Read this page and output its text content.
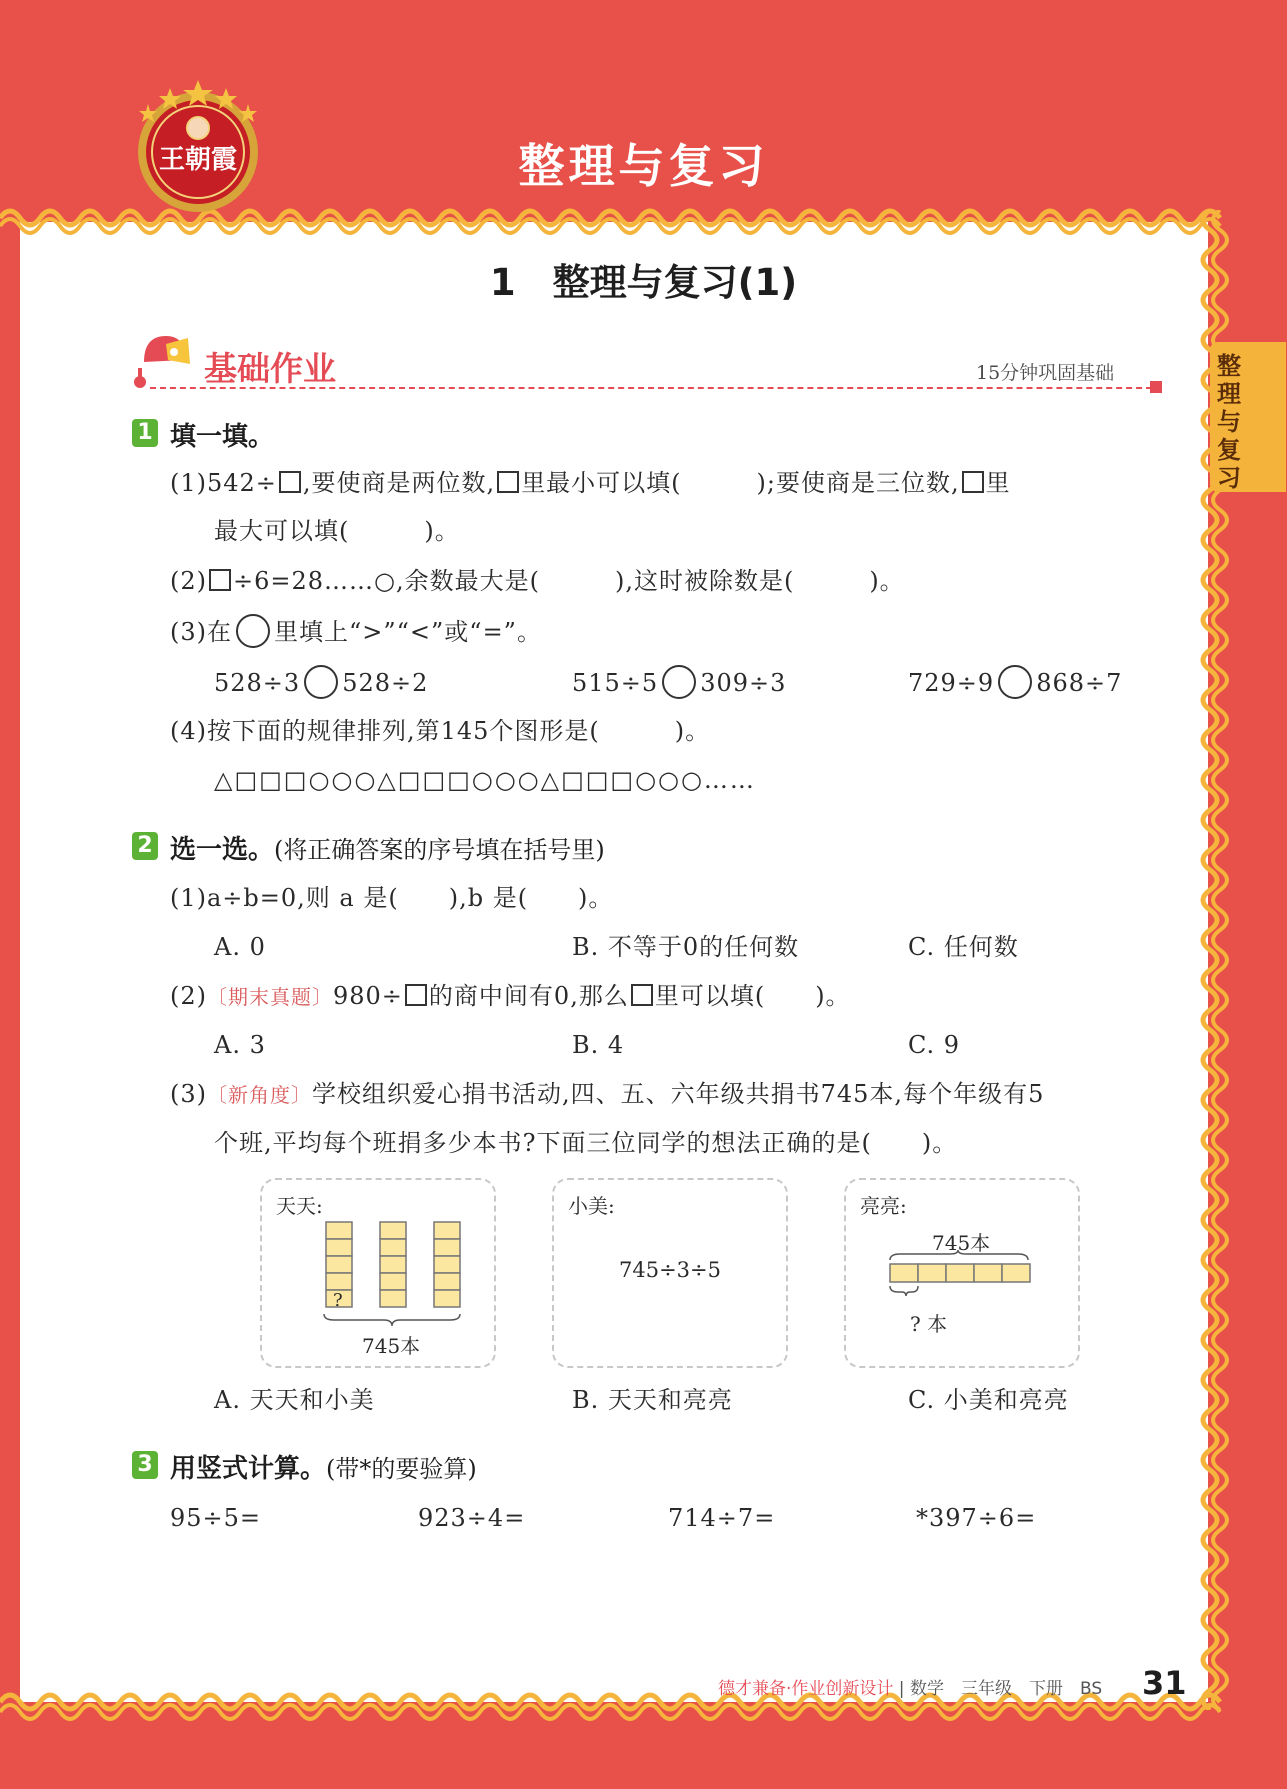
王朝霞	整理与复习
1　整理与复习(1)
整理与复习
基础作业	15分钟巩固基础
1 填一填。
(1)542÷ ,要使商是两位数, 里最小可以填(　　　);要使商是三位数, 里
最大可以填(　　　)。
(2) ÷6=28……○,余数最大是(　　　),这时被除数是(　　　)。
(3)在 里填上“>”“<”或“=”。
528÷3 528÷2	515÷5 309÷3	729÷9 868÷7
(4)按下面的规律排列,第145个图形是(　　　)。
△□□□○○○△□□□○○○△□□□○○○……
2 选一选。(将正确答案的序号填在括号里)
(1)a÷b=0,则 a 是(　　),b 是(　　)。
A. 0	B. 不等于0的任何数	C. 任何数
(2)〔期末真题〕980÷ 的商中间有0,那么 里可以填(　　)。
A. 3	B. 4	C. 9
(3)〔新角度〕学校组织爱心捐书活动,四、五、六年级共捐书745本,每个年级有5
个班,平均每个班捐多少本书?下面三位同学的想法正确的是(　　)。
天天:
?
745本
小美:
745÷3÷5
亮亮:
745本
? 本
A. 天天和小美	B. 天天和亮亮	C. 小美和亮亮
3 用竖式计算。(带*的要验算)
95÷5=	923÷4=	714÷7=	*397÷6=
德才兼备·作业创新设计 | 数学　三年级　下册　BS 31
